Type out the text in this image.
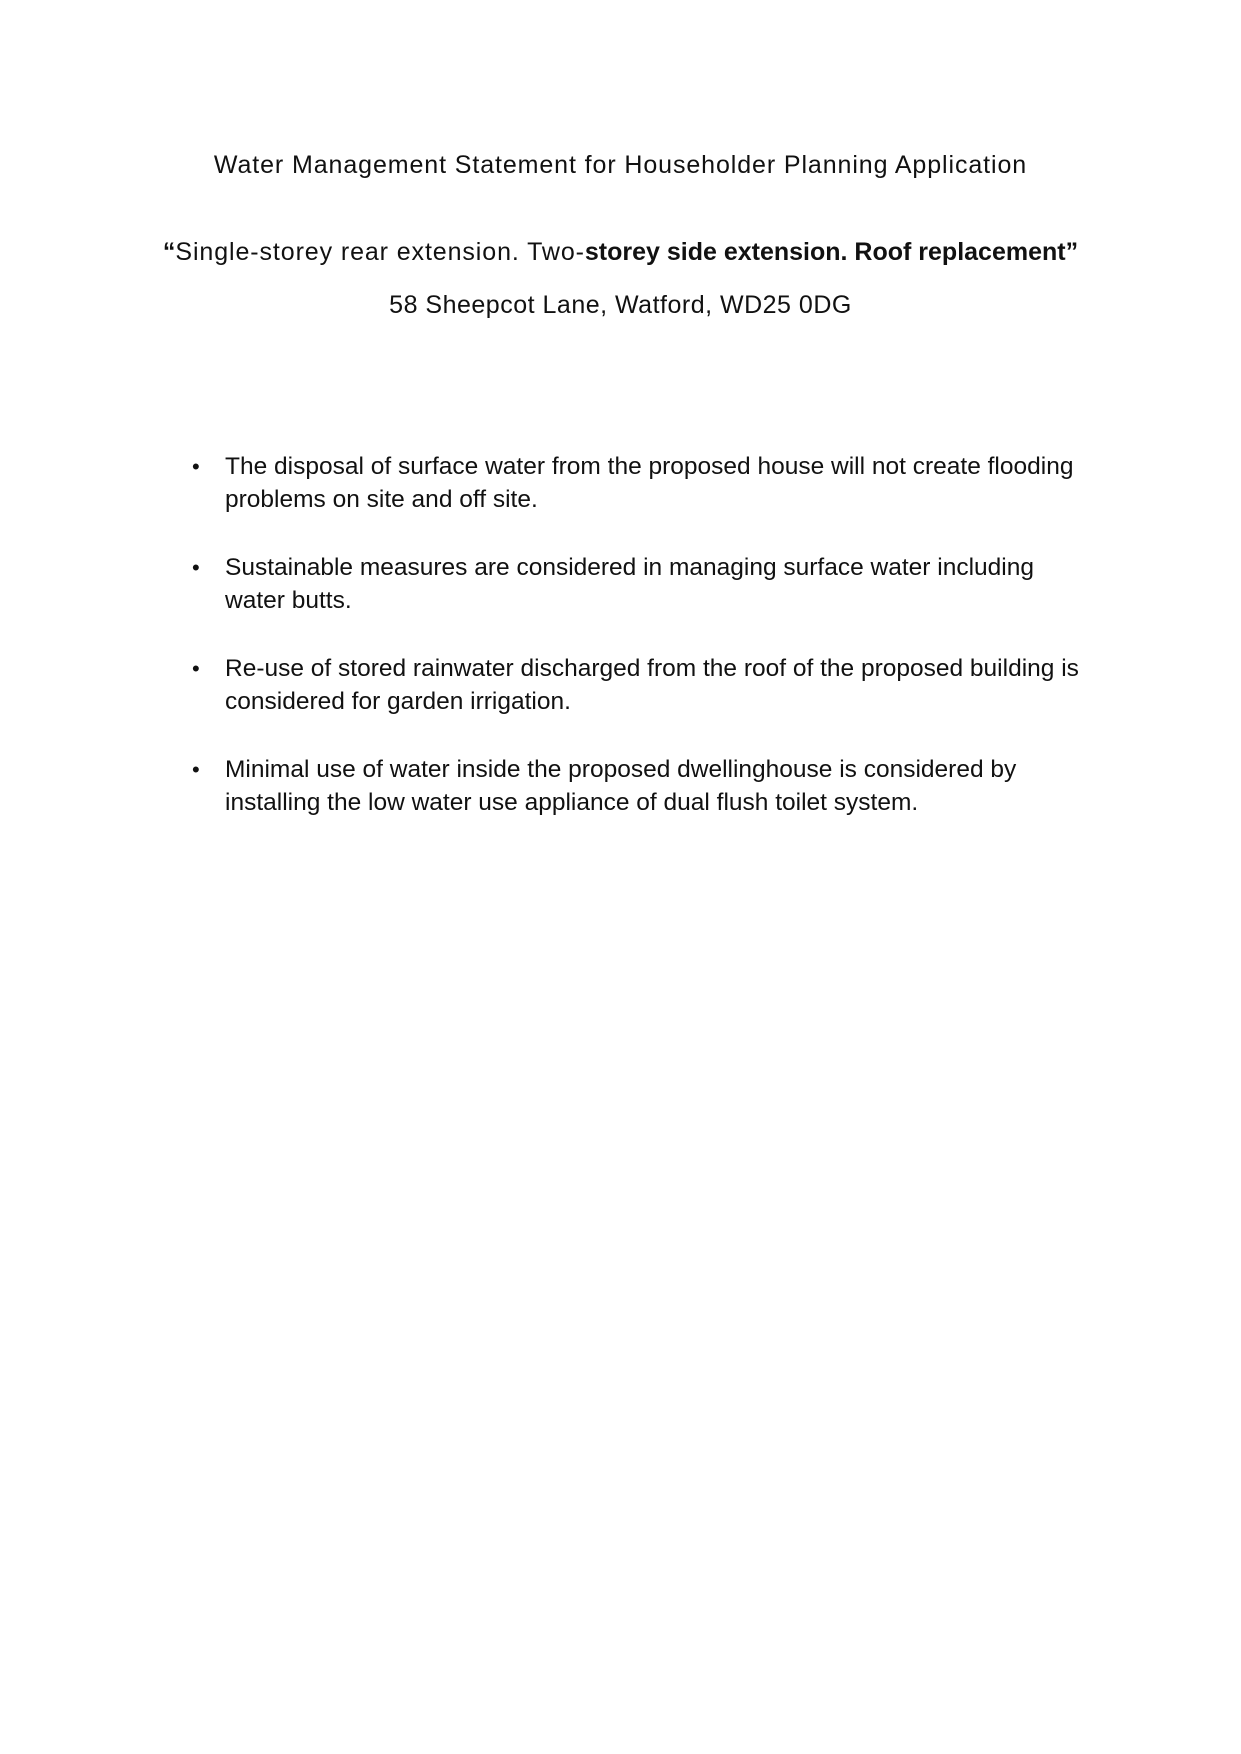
Water Management Statement for Householder Planning Application
“Single-storey rear extension. Two-storey side extension. Roof replacement”
58 Sheepcot Lane, Watford, WD25 0DG
• The disposal of surface water from the proposed house will not create flooding problems on site and off site.
• Sustainable measures are considered in managing surface water including water butts.
• Re-use of stored rainwater discharged from the roof of the proposed building is considered for garden irrigation.
• Minimal use of water inside the proposed dwellinghouse is considered by installing the low water use appliance of dual flush toilet system.
